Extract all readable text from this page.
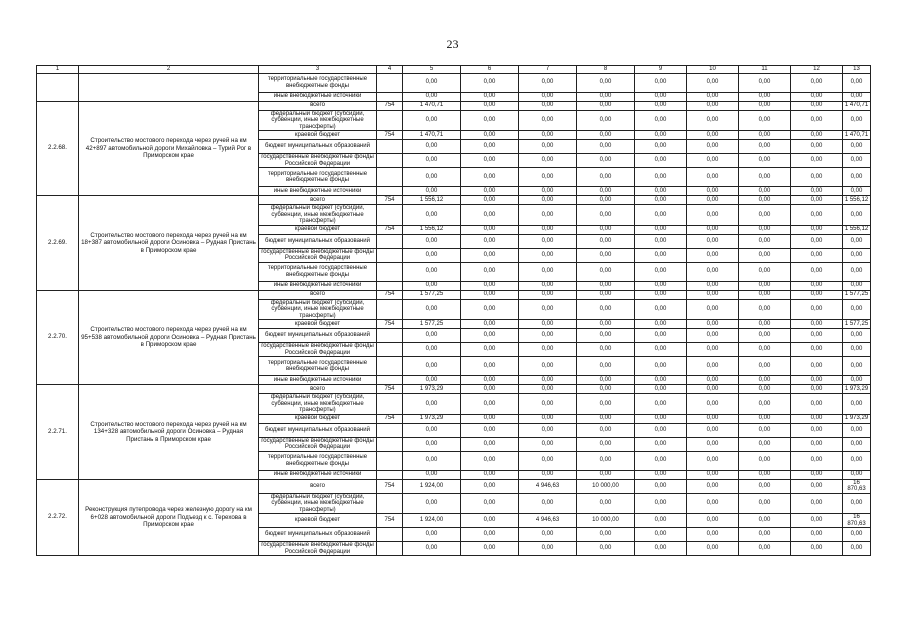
23
1	2	3	4	5	6	7	8	9	10	11	12	13
		территориальные государственные внебюджетные фонды		0,00	0,00	0,00	0,00	0,00	0,00	0,00	0,00	0,00
		иные внебюджетные источники		0,00	0,00	0,00	0,00	0,00	0,00	0,00	0,00	0,00
2.2.68.	Строительство мостового перехода через ручей на км 42+897 автомобильной дороги Михайловка – Турий Рог в Приморском крае	всего	754	1 470,71	0,00	0,00	0,00	0,00	0,00	0,00	0,00	1 470,71
		федеральный бюджет (субсидии, субвенции, иные межбюджетные трансферты)		0,00	0,00	0,00	0,00	0,00	0,00	0,00	0,00	0,00
		краевой бюджет	754	1 470,71	0,00	0,00	0,00	0,00	0,00	0,00	0,00	1 470,71
		бюджет муниципальных образований		0,00	0,00	0,00	0,00	0,00	0,00	0,00	0,00	0,00
		государственные внебюджетные фонды Российской Федерации		0,00	0,00	0,00	0,00	0,00	0,00	0,00	0,00	0,00
		территориальные государственные внебюджетные фонды		0,00	0,00	0,00	0,00	0,00	0,00	0,00	0,00	0,00
		иные внебюджетные источники		0,00	0,00	0,00	0,00	0,00	0,00	0,00	0,00	0,00
2.2.69.	Строительство мостового перехода через ручей на км 18+387 автомобильной дороги Осиновка – Рудная Пристань в Приморском крае	всего	754	1 556,12	0,00	0,00	0,00	0,00	0,00	0,00	0,00	1 556,12
		федеральный бюджет (субсидии, субвенции, иные межбюджетные трансферты)		0,00	0,00	0,00	0,00	0,00	0,00	0,00	0,00	0,00
		краевой бюджет	754	1 556,12	0,00	0,00	0,00	0,00	0,00	0,00	0,00	1 556,12
		бюджет муниципальных образований		0,00	0,00	0,00	0,00	0,00	0,00	0,00	0,00	0,00
		государственные внебюджетные фонды Российской Федерации		0,00	0,00	0,00	0,00	0,00	0,00	0,00	0,00	0,00
		территориальные государственные внебюджетные фонды		0,00	0,00	0,00	0,00	0,00	0,00	0,00	0,00	0,00
		иные внебюджетные источники		0,00	0,00	0,00	0,00	0,00	0,00	0,00	0,00	0,00
2.2.70.	Строительство мостового перехода через ручей на км 95+538 автомобильной дороги Осиновка – Рудная Пристань в Приморском крае	всего	754	1 577,25	0,00	0,00	0,00	0,00	0,00	0,00	0,00	1 577,25
		федеральный бюджет (субсидии, субвенции, иные межбюджетные трансферты)		0,00	0,00	0,00	0,00	0,00	0,00	0,00	0,00	0,00
		краевой бюджет	754	1 577,25	0,00	0,00	0,00	0,00	0,00	0,00	0,00	1 577,25
		бюджет муниципальных образований		0,00	0,00	0,00	0,00	0,00	0,00	0,00	0,00	0,00
		государственные внебюджетные фонды Российской Федерации		0,00	0,00	0,00	0,00	0,00	0,00	0,00	0,00	0,00
		территориальные государственные внебюджетные фонды		0,00	0,00	0,00	0,00	0,00	0,00	0,00	0,00	0,00
		иные внебюджетные источники		0,00	0,00	0,00	0,00	0,00	0,00	0,00	0,00	0,00
2.2.71.	Строительство мостового перехода через ручей на км 134+328 автомобильной дороги Осиновка – Рудная Пристань в Приморском крае	всего	754	1 973,29	0,00	0,00	0,00	0,00	0,00	0,00	0,00	1 973,29
		федеральный бюджет (субсидии, субвенции, иные межбюджетные трансферты)		0,00	0,00	0,00	0,00	0,00	0,00	0,00	0,00	0,00
		краевой бюджет	754	1 973,29	0,00	0,00	0,00	0,00	0,00	0,00	0,00	1 973,29
		бюджет муниципальных образований		0,00	0,00	0,00	0,00	0,00	0,00	0,00	0,00	0,00
		государственные внебюджетные фонды Российской Федерации		0,00	0,00	0,00	0,00	0,00	0,00	0,00	0,00	0,00
		территориальные государственные внебюджетные фонды		0,00	0,00	0,00	0,00	0,00	0,00	0,00	0,00	0,00
		иные внебюджетные источники		0,00	0,00	0,00	0,00	0,00	0,00	0,00	0,00	0,00
2.2.72.	Реконструкция путепровода через железную дорогу на км 6+028 автомобильной дороги Подъезд к с. Терехова в Приморском крае	всего	754	1 924,00	0,00	4 946,63	10 000,00	0,00	0,00	0,00	0,00	16 870,63
		федеральный бюджет (субсидии, субвенции, иные межбюджетные трансферты)		0,00	0,00	0,00	0,00	0,00	0,00	0,00	0,00	0,00
		краевой бюджет	754	1 924,00	0,00	4 946,63	10 000,00	0,00	0,00	0,00	0,00	16 870,63
		бюджет муниципальных образований		0,00	0,00	0,00	0,00	0,00	0,00	0,00	0,00	0,00
		государственные внебюджетные фонды Российской Федерации		0,00	0,00	0,00	0,00	0,00	0,00	0,00	0,00	0,00
